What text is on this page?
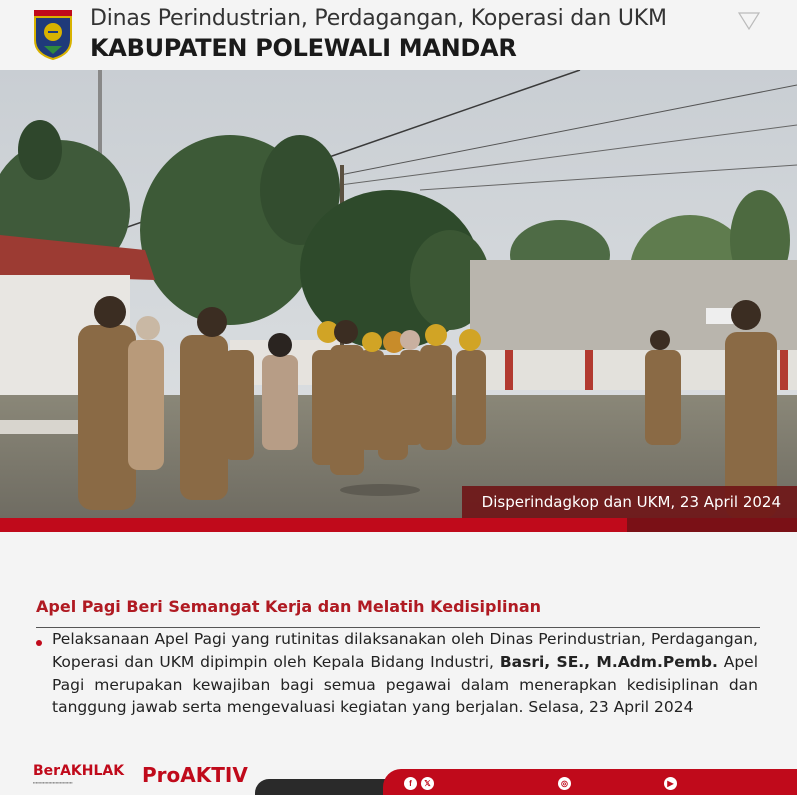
Dinas Perindustrian, Perdagangan, Koperasi dan UKM
KABUPATEN POLEWALI MANDAR
Disperindagkop dan UKM, 23 April 2024
Apel Pagi Beri Semangat Kerja dan Melatih Kedisiplinan
Pelaksanaan Apel Pagi yang rutinitas dilaksanakan oleh Dinas Perindustrian, Perdagangan, Koperasi dan UKM dipimpin oleh Kepala Bidang Industri, Basri, SE., M.Adm.Pemb. Apel Pagi merupakan kewajiban bagi semua pegawai dalam menerapkan kedisiplinan dan tanggung jawab serta mengevaluasi kegiatan yang berjalan. Selasa, 23 April 2024
BerAKHLAK
▪▪▪▪▪▪▪▪▪▪▪▪▪▪▪▪▪▪▪▪▪▪▪▪▪▪▪▪	ProAKTIV	f	𝕏	◎	▶
